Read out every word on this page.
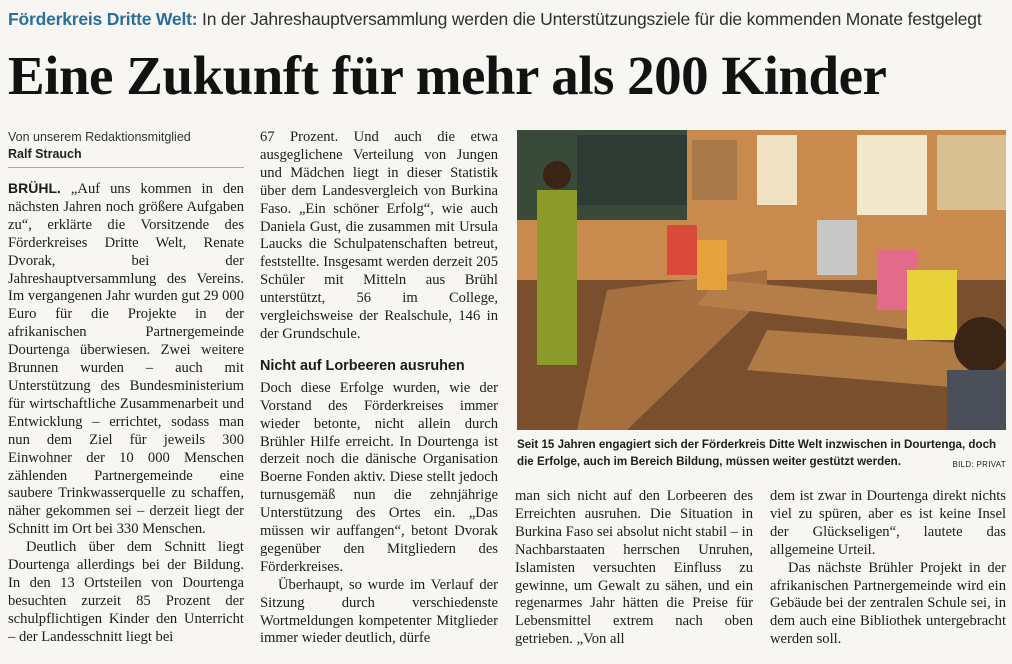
Förderkreis Dritte Welt: In der Jahreshauptversammlung werden die Unterstützungsziele für die kommenden Monate festgelegt
Eine Zukunft für mehr als 200 Kinder
Von unserem Redaktionsmitglied
Ralf Strauch

BRÜHL. „Auf uns kommen in den nächsten Jahren noch größere Aufgaben zu“, erklärte die Vorsitzende des Förderkreises Dritte Welt, Renate Dvorak, bei der Jahreshauptversammlung des Vereins. Im vergangenen Jahr wurden gut 29 000 Euro für die Projekte in der afrikanischen Partnergemeinde Dourtenga überwiesen. Zwei weitere Brunnen wurden – auch mit Unterstützung des Bundesministerium für wirtschaftliche Zusammenarbeit und Entwicklung – errichtet, sodass man nun dem Ziel für jeweils 300 Einwohner der 10 000 Menschen zählenden Partnergemeinde eine saubere Trinkwasserquelle zu schaffen, näher gekommen sei – derzeit liegt der Schnitt im Ort bei 330 Menschen.

Deutlich über dem Schnitt liegt Dourtenga allerdings bei der Bildung. In den 13 Ortsteilen von Dourtenga besuchten zurzeit 85 Prozent der schulpflichtigen Kinder den Unterricht – der Landesschnitt liegt bei

67 Prozent. Und auch die etwa ausgeglichene Verteilung von Jungen und Mädchen liegt in dieser Statistik über dem Landesvergleich von Burkina Faso. „Ein schöner Erfolg“, wie auch Daniela Gust, die zusammen mit Ursula Laucks die Schulpatenschaften betreut, feststellte. Insgesamt werden derzeit 205 Schüler mit Mitteln aus Brühl unterstützt, 56 im College, vergleichsweise der Realschule, 146 in der Grundschule.

Nicht auf Lorbeeren ausruhen

Doch diese Erfolge wurden, wie der Vorstand des Förderkreises immer wieder betonte, nicht allein durch Brühler Hilfe erreicht. In Dourtenga ist derzeit noch die dänische Organisation Boerne Fonden aktiv. Diese stellt jedoch turnusgemäß nun die zehnjährige Unterstützung des Ortes ein. „Das müssen wir auffangen“, betont Dvorak gegenüber den Mitgliedern des Förderkreises.

Überhaupt, so wurde im Verlauf der Sitzung durch verschiedenste Wortmeldungen kompetenter Mitglieder immer wieder deutlich, dürfe

Seit 15 Jahren engagiert sich der Förderkreis Ditte Welt inzwischen in Dourtenga, doch die Erfolge, auch im Bereich Bildung, müssen weiter gestützt werden.	BILD: PRIVAT

man sich nicht auf den Lorbeeren des Erreichten ausruhen. Die Situation in Burkina Faso sei absolut nicht stabil – in Nachbarstaaten herrschen Unruhen, Islamisten versuchten Einfluss zu gewinne, um Gewalt zu sähen, und ein regenarmes Jahr hätten die Preise für Lebensmittel extrem nach oben getrieben. „Von all

dem ist zwar in Dourtenga direkt nichts viel zu spüren, aber es ist keine Insel der Glückseligen“, lautete das allgemeine Urteil.

Das nächste Brühler Projekt in der afrikanischen Partnergemeinde wird ein Gebäude bei der zentralen Schule sei, in dem auch eine Bibliothek untergebracht werden soll.
